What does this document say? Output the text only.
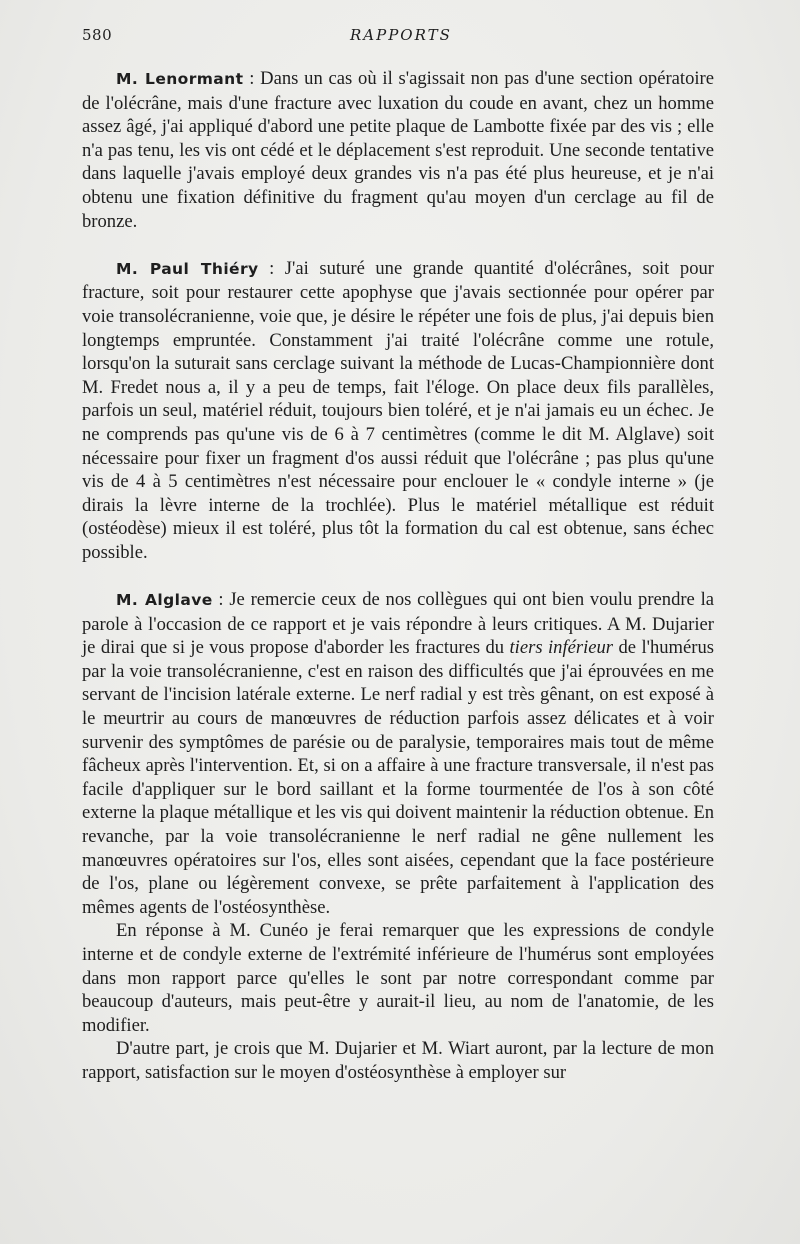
580	RAPPORTS

M. Lenormant : Dans un cas où il s'agissait non pas d'une section opératoire de l'olécrâne, mais d'une fracture avec luxation du coude en avant, chez un homme assez âgé, j'ai appliqué d'abord une petite plaque de Lambotte fixée par des vis ; elle n'a pas tenu, les vis ont cédé et le déplacement s'est reproduit. Une seconde tentative dans laquelle j'avais employé deux grandes vis n'a pas été plus heureuse, et je n'ai obtenu une fixation définitive du fragment qu'au moyen d'un cerclage au fil de bronze.

M. Paul Thiéry : J'ai suturé une grande quantité d'olécrânes, soit pour fracture, soit pour restaurer cette apophyse que j'avais sectionnée pour opérer par voie transolécranienne, voie que, je désire le répéter une fois de plus, j'ai depuis bien longtemps empruntée. Constamment j'ai traité l'olécrâne comme une rotule, lorsqu'on la suturait sans cerclage suivant la méthode de Lucas-Championnière dont M. Fredet nous a, il y a peu de temps, fait l'éloge. On place deux fils parallèles, parfois un seul, matériel réduit, toujours bien toléré, et je n'ai jamais eu un échec. Je ne comprends pas qu'une vis de 6 à 7 centimètres (comme le dit M. Alglave) soit nécessaire pour fixer un fragment d'os aussi réduit que l'olécrâne ; pas plus qu'une vis de 4 à 5 centimètres n'est nécessaire pour enclouer le « condyle interne » (je dirais la lèvre interne de la trochlée). Plus le matériel métallique est réduit (ostéodèse) mieux il est toléré, plus tôt la formation du cal est obtenue, sans échec possible.

M. Alglave : Je remercie ceux de nos collègues qui ont bien voulu prendre la parole à l'occasion de ce rapport et je vais répondre à leurs critiques. A M. Dujarier je dirai que si je vous propose d'aborder les fractures du tiers inférieur de l'humérus par la voie transolécranienne, c'est en raison des difficultés que j'ai éprouvées en me servant de l'incision latérale externe. Le nerf radial y est très gênant, on est exposé à le meurtrir au cours de manœuvres de réduction parfois assez délicates et à voir survenir des symptômes de parésie ou de paralysie, temporaires mais tout de même fâcheux après l'intervention. Et, si on a affaire à une fracture transversale, il n'est pas facile d'appliquer sur le bord saillant et la forme tourmentée de l'os à son côté externe la plaque métallique et les vis qui doivent maintenir la réduction obtenue. En revanche, par la voie transolécranienne le nerf radial ne gêne nullement les manœuvres opératoires sur l'os, elles sont aisées, cependant que la face postérieure de l'os, plane ou légèrement convexe, se prête parfaitement à l'application des mêmes agents de l'ostéosynthèse.

En réponse à M. Cunéo je ferai remarquer que les expressions de condyle interne et de condyle externe de l'extrémité inférieure de l'humérus sont employées dans mon rapport parce qu'elles le sont par notre correspondant comme par beaucoup d'auteurs, mais peut-être y aurait-il lieu, au nom de l'anatomie, de les modifier.

D'autre part, je crois que M. Dujarier et M. Wiart auront, par la lecture de mon rapport, satisfaction sur le moyen d'ostéosynthèse à employer sur
